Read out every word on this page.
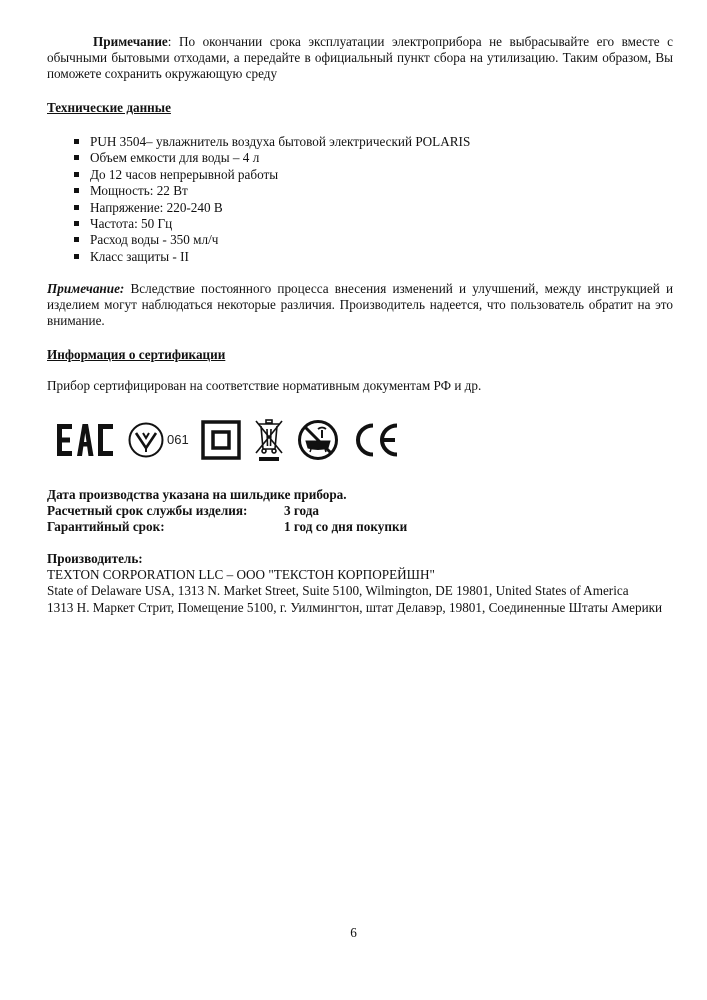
Примечание: По окончании срока эксплуатации электроприбора не выбрасывайте его вместе с обычными бытовыми отходами, а передайте в официальный пункт сбора на утилизацию. Таким образом, Вы поможете сохранить окружающую среду

Технические данные

PUH 3504– увлажнитель воздуха бытовой электрический POLARIS
Объем емкости для воды – 4 л
До 12 часов непрерывной работы
Мощность: 22 Вт
Напряжение: 220-240 В
Частота: 50 Гц
Расход воды - 350 мл/ч
Класс защиты - II

Примечание: Вследствие постоянного процесса внесения изменений и улучшений, между инструкцией и изделием могут наблюдаться некоторые различия. Производитель надеется, что пользователь обратит на это внимание.

Информация о сертификации

Прибор сертифицирован на соответствие нормативным документам РФ и др.

061

Дата производства указана на шильдике прибора.

Расчетный срок службы изделия:	3 года

Гарантийный срок:	1 год со дня покупки

Производитель:

TEXTON CORPORATION LLC – ООО "ТЕКСТОН КОРПОРЕЙШН"

State of Delaware USA, 1313 N. Market Street, Suite 5100, Wilmington, DE 19801, United States of America

1313 Н. Маркет Стрит, Помещение 5100, г. Уилмингтон, штат Делавэр, 19801, Соединенные Штаты Америки

6
